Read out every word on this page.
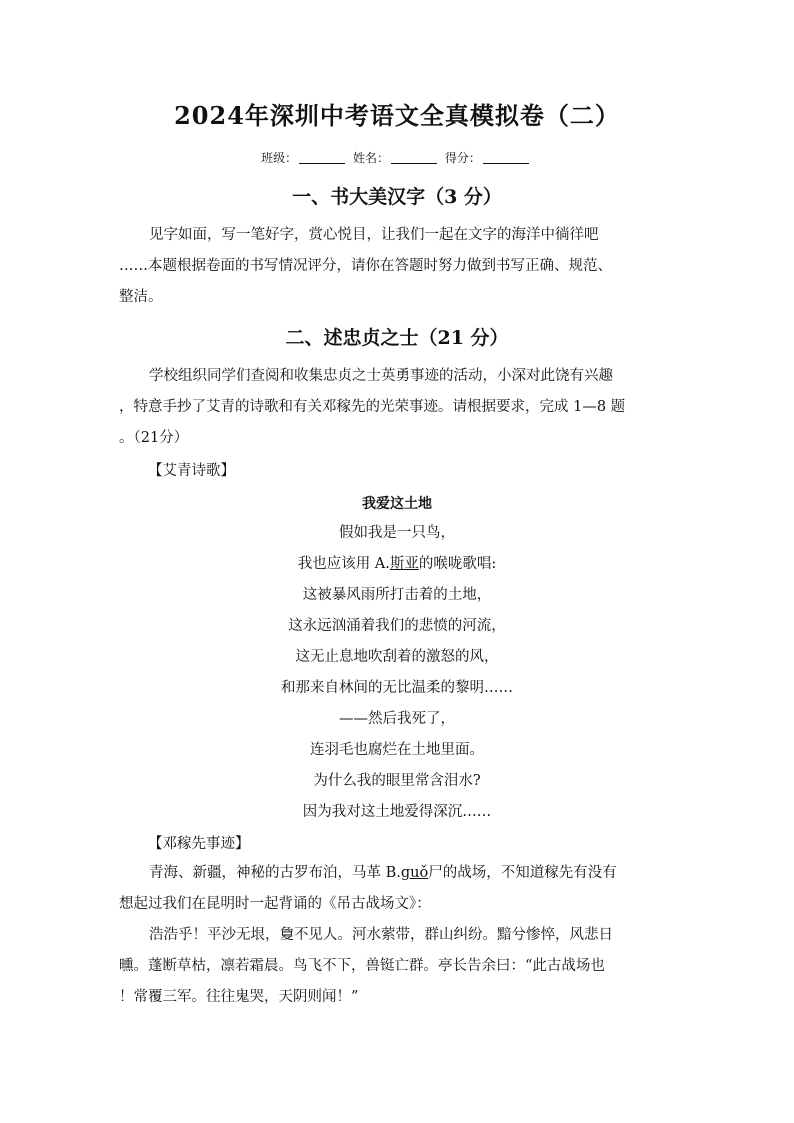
2024年深圳中考语文全真模拟卷（二）
班级：	姓名：	得分：
一、书大美汉字（3 分）
见字如面，写一笔好字，赏心悦目，让我们一起在文字的海洋中徜徉吧
……本题根据卷面的书写情况评分，请你在答题时努力做到书写正确、规范、
整洁。
二、述忠贞之士（21 分）
学校组织同学们查阅和收集忠贞之士英勇事迹的活动，小深对此饶有兴趣
，特意手抄了艾青的诗歌和有关邓稼先的光荣事迹。请根据要求，完成 1—8 题
。（21分）
【艾青诗歌】
我爱这土地
假如我是一只鸟，
我也应该用 A.斯亚的喉咙歌唱:
这被暴风雨所打击着的土地，
这永远汹涌着我们的悲愤的河流，
这无止息地吹刮着的激怒的风，
和那来自林间的无比温柔的黎明……
——然后我死了，
连羽毛也腐烂在土地里面。
为什么我的眼里常含泪水?
因为我对这土地爱得深沉……
【邓稼先事迹】
青海、新疆，神秘的古罗布泊，马革 B.guǒ尸的战场，不知道稼先有没有
想起过我们在昆明时一起背诵的《吊古战场文》：
浩浩乎！平沙无垠，敻不见人。河水萦带，群山纠纷。黯兮惨悴，风悲日
曛。蓬断草枯，凛若霜晨。鸟飞不下，兽铤亡群。亭长告余曰：“此古战场也
！常覆三军。往往鬼哭，天阴则闻！”
